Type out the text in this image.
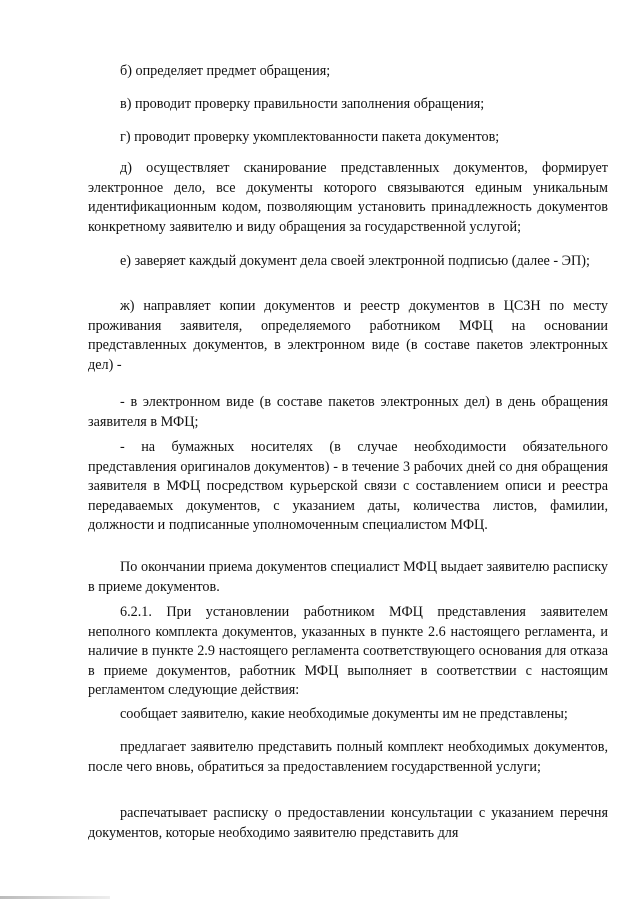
б) определяет предмет обращения;
в) проводит проверку правильности заполнения обращения;
г) проводит проверку укомплектованности пакета документов;
д) осуществляет сканирование представленных документов, формирует электронное дело, все документы которого связываются единым уникальным идентификационным кодом, позволяющим установить принадлежность документов конкретному заявителю и виду обращения за государственной услугой;
е) заверяет каждый документ дела своей электронной подписью (далее - ЭП);
ж) направляет копии документов и реестр документов в ЦСЗН по месту проживания заявителя, определяемого работником МФЦ на основании представленных документов, в электронном виде (в составе пакетов электронных дел) -
- в электронном виде (в составе пакетов электронных дел) в день обращения заявителя в МФЦ;
- на бумажных носителях (в случае необходимости обязательного представления оригиналов документов) - в течение 3 рабочих дней со дня обращения заявителя в МФЦ посредством курьерской связи с составлением описи и реестра передаваемых документов, с указанием даты, количества листов, фамилии, должности и подписанные уполномоченным специалистом МФЦ.
По окончании приема документов специалист МФЦ выдает заявителю расписку в приеме документов.
6.2.1. При установлении работником МФЦ представления заявителем неполного комплекта документов, указанных в пункте 2.6 настоящего регламента, и наличие в пункте 2.9 настоящего регламента соответствующего основания для отказа в приеме документов, работник МФЦ выполняет в соответствии с настоящим регламентом следующие действия:
сообщает заявителю, какие необходимые документы им не представлены;
предлагает заявителю представить полный комплект необходимых документов, после чего вновь, обратиться за предоставлением государственной услуги;
распечатывает расписку о предоставлении консультации с указанием перечня документов, которые необходимо заявителю представить для
